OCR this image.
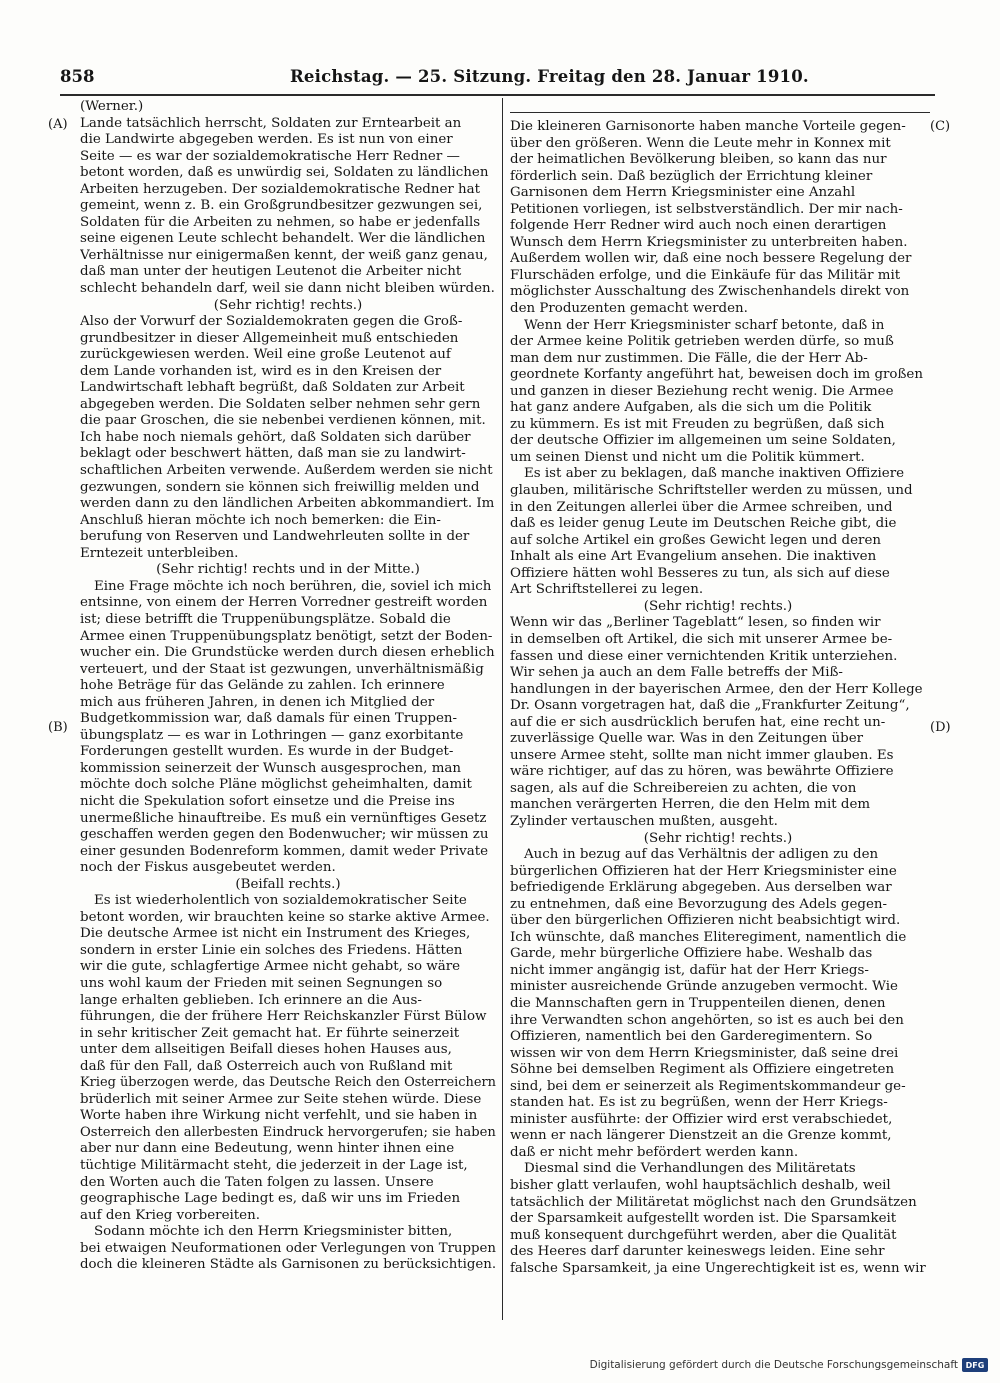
858	Reichstag. — 25. Sitzung. Freitag den 28. Januar 1910.
(A)
(B)
(C)
(D)
(Werner.)
Lande tatsächlich herrscht, Soldaten zur Erntearbeit an
die Landwirte abgegeben werden. Es ist nun von einer
Seite — es war der sozialdemokratische Herr Redner —
betont worden, daß es unwürdig sei, Soldaten zu ländlichen
Arbeiten herzugeben. Der sozialdemokratische Redner hat
gemeint, wenn z. B. ein Großgrundbesitzer gezwungen sei,
Soldaten für die Arbeiten zu nehmen, so habe er jedenfalls
seine eigenen Leute schlecht behandelt. Wer die ländlichen
Verhältnisse nur einigermaßen kennt, der weiß ganz genau,
daß man unter der heutigen Leutenot die Arbeiter nicht
schlecht behandeln darf, weil sie dann nicht bleiben würden.
(Sehr richtig! rechts.)
Also der Vorwurf der Sozialdemokraten gegen die Groß-
grundbesitzer in dieser Allgemeinheit muß entschieden
zurückgewiesen werden. Weil eine große Leutenot auf
dem Lande vorhanden ist, wird es in den Kreisen der
Landwirtschaft lebhaft begrüßt, daß Soldaten zur Arbeit
abgegeben werden. Die Soldaten selber nehmen sehr gern
die paar Groschen, die sie nebenbei verdienen können, mit.
Ich habe noch niemals gehört, daß Soldaten sich darüber
beklagt oder beschwert hätten, daß man sie zu landwirt-
schaftlichen Arbeiten verwende. Außerdem werden sie nicht
gezwungen, sondern sie können sich freiwillig melden und
werden dann zu den ländlichen Arbeiten abkommandiert. Im
Anschluß hieran möchte ich noch bemerken: die Ein-
berufung von Reserven und Landwehrleuten sollte in der
Erntezeit unterbleiben.
(Sehr richtig! rechts und in der Mitte.)
Eine Frage möchte ich noch berühren, die, soviel ich mich
entsinne, von einem der Herren Vorredner gestreift worden
ist; diese betrifft die Truppenübungsplätze. Sobald die
Armee einen Truppenübungsplatz benötigt, setzt der Boden-
wucher ein. Die Grundstücke werden durch diesen erheblich
verteuert, und der Staat ist gezwungen, unverhältnismäßig
hohe Beträge für das Gelände zu zahlen. Ich erinnere
mich aus früheren Jahren, in denen ich Mitglied der
Budgetkommission war, daß damals für einen Truppen-
übungsplatz — es war in Lothringen — ganz exorbitante
Forderungen gestellt wurden. Es wurde in der Budget-
kommission seinerzeit der Wunsch ausgesprochen, man
möchte doch solche Pläne möglichst geheimhalten, damit
nicht die Spekulation sofort einsetze und die Preise ins
unermeßliche hinauftreibe. Es muß ein vernünftiges Gesetz
geschaffen werden gegen den Bodenwucher; wir müssen zu
einer gesunden Bodenreform kommen, damit weder Private
noch der Fiskus ausgebeutet werden.
(Beifall rechts.)
Es ist wiederholentlich von sozialdemokratischer Seite
betont worden, wir brauchten keine so starke aktive Armee.
Die deutsche Armee ist nicht ein Instrument des Krieges,
sondern in erster Linie ein solches des Friedens. Hätten
wir die gute, schlagfertige Armee nicht gehabt, so wäre
uns wohl kaum der Frieden mit seinen Segnungen so
lange erhalten geblieben. Ich erinnere an die Aus-
führungen, die der frühere Herr Reichskanzler Fürst Bülow
in sehr kritischer Zeit gemacht hat. Er führte seinerzeit
unter dem allseitigen Beifall dieses hohen Hauses aus,
daß für den Fall, daß Österreich auch von Rußland mit
Krieg überzogen werde, das Deutsche Reich den Österreichern
brüderlich mit seiner Armee zur Seite stehen würde. Diese
Worte haben ihre Wirkung nicht verfehlt, und sie haben in
Österreich den allerbesten Eindruck hervorgerufen; sie haben
aber nur dann eine Bedeutung, wenn hinter ihnen eine
tüchtige Militärmacht steht, die jederzeit in der Lage ist,
den Worten auch die Taten folgen zu lassen. Unsere
geographische Lage bedingt es, daß wir uns im Frieden
auf den Krieg vorbereiten.
Sodann möchte ich den Herrn Kriegsminister bitten,
bei etwaigen Neuformationen oder Verlegungen von Truppen
doch die kleineren Städte als Garnisonen zu berücksichtigen.
Die kleineren Garnisonorte haben manche Vorteile gegen-
über den größeren. Wenn die Leute mehr in Konnex mit
der heimatlichen Bevölkerung bleiben, so kann das nur
förderlich sein. Daß bezüglich der Errichtung kleiner
Garnisonen dem Herrn Kriegsminister eine Anzahl
Petitionen vorliegen, ist selbstverständlich. Der mir nach-
folgende Herr Redner wird auch noch einen derartigen
Wunsch dem Herrn Kriegsminister zu unterbreiten haben.
Außerdem wollen wir, daß eine noch bessere Regelung der
Flurschäden erfolge, und die Einkäufe für das Militär mit
möglichster Ausschaltung des Zwischenhandels direkt von
den Produzenten gemacht werden.
Wenn der Herr Kriegsminister scharf betonte, daß in
der Armee keine Politik getrieben werden dürfe, so muß
man dem nur zustimmen. Die Fälle, die der Herr Ab-
geordnete Korfanty angeführt hat, beweisen doch im großen
und ganzen in dieser Beziehung recht wenig. Die Armee
hat ganz andere Aufgaben, als die sich um die Politik
zu kümmern. Es ist mit Freuden zu begrüßen, daß sich
der deutsche Offizier im allgemeinen um seine Soldaten,
um seinen Dienst und nicht um die Politik kümmert.
Es ist aber zu beklagen, daß manche inaktiven Offiziere
glauben, militärische Schriftsteller werden zu müssen, und
in den Zeitungen allerlei über die Armee schreiben, und
daß es leider genug Leute im Deutschen Reiche gibt, die
auf solche Artikel ein großes Gewicht legen und deren
Inhalt als eine Art Evangelium ansehen. Die inaktiven
Offiziere hätten wohl Besseres zu tun, als sich auf diese
Art Schriftstellerei zu legen.
(Sehr richtig! rechts.)
Wenn wir das „Berliner Tageblatt“ lesen, so finden wir
in demselben oft Artikel, die sich mit unserer Armee be-
fassen und diese einer vernichtenden Kritik unterziehen.
Wir sehen ja auch an dem Falle betreffs der Miß-
handlungen in der bayerischen Armee, den der Herr Kollege
Dr. Osann vorgetragen hat, daß die „Frankfurter Zeitung“,
auf die er sich ausdrücklich berufen hat, eine recht un-
zuverlässige Quelle war. Was in den Zeitungen über
unsere Armee steht, sollte man nicht immer glauben. Es
wäre richtiger, auf das zu hören, was bewährte Offiziere
sagen, als auf die Schreibereien zu achten, die von
manchen verärgerten Herren, die den Helm mit dem
Zylinder vertauschen mußten, ausgeht.
(Sehr richtig! rechts.)
Auch in bezug auf das Verhältnis der adligen zu den
bürgerlichen Offizieren hat der Herr Kriegsminister eine
befriedigende Erklärung abgegeben. Aus derselben war
zu entnehmen, daß eine Bevorzugung des Adels gegen-
über den bürgerlichen Offizieren nicht beabsichtigt wird.
Ich wünschte, daß manches Eliteregiment, namentlich die
Garde, mehr bürgerliche Offiziere habe. Weshalb das
nicht immer angängig ist, dafür hat der Herr Kriegs-
minister ausreichende Gründe anzugeben vermocht. Wie
die Mannschaften gern in Truppenteilen dienen, denen
ihre Verwandten schon angehörten, so ist es auch bei den
Offizieren, namentlich bei den Garderegimentern. So
wissen wir von dem Herrn Kriegsminister, daß seine drei
Söhne bei demselben Regiment als Offiziere eingetreten
sind, bei dem er seinerzeit als Regimentskommandeur ge-
standen hat. Es ist zu begrüßen, wenn der Herr Kriegs-
minister ausführte: der Offizier wird erst verabschiedet,
wenn er nach längerer Dienstzeit an die Grenze kommt,
daß er nicht mehr befördert werden kann.
Diesmal sind die Verhandlungen des Militäretats
bisher glatt verlaufen, wohl hauptsächlich deshalb, weil
tatsächlich der Militäretat möglichst nach den Grundsätzen
der Sparsamkeit aufgestellt worden ist. Die Sparsamkeit
muß konsequent durchgeführt werden, aber die Qualität
des Heeres darf darunter keineswegs leiden. Eine sehr
falsche Sparsamkeit, ja eine Ungerechtigkeit ist es, wenn wir
Digitalisierung gefördert durch die Deutsche Forschungsgemeinschaft DFG
